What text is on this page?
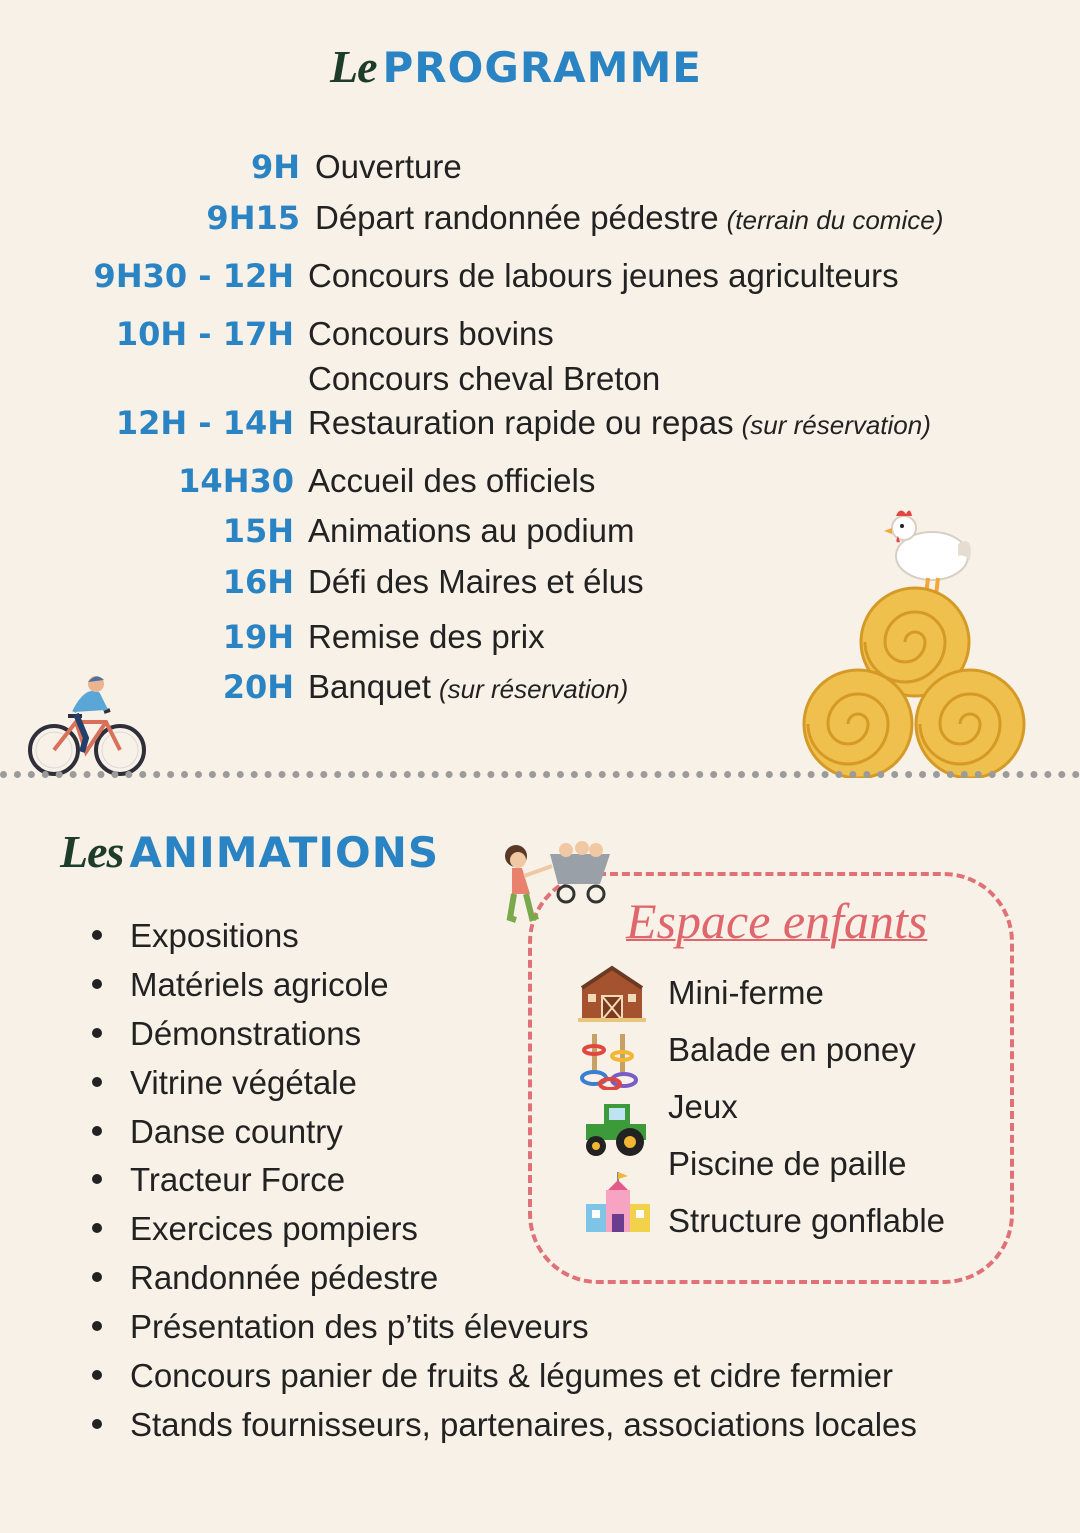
Le PROGRAMME
9H Ouverture
9H15 Départ randonnée pédestre (terrain du comice)
9H30 - 12H Concours de labours jeunes agriculteurs
10H - 17H Concours bovins
Concours cheval Breton
12H - 14H Restauration rapide ou repas (sur réservation)
14H30 Accueil des officiels
15H Animations au podium
16H Défi des Maires et élus
19H Remise des prix
20H Banquet (sur réservation)
Les ANIMATIONS
Expositions
Matériels agricole
Démonstrations
Vitrine végétale
Danse country
Tracteur Force
Exercices pompiers
Randonnée pédestre
Présentation des p’tits éleveurs
Concours panier de fruits & légumes et cidre fermier
Stands fournisseurs, partenaires, associations locales
Espace enfants
Mini-ferme
Balade en poney
Jeux
Piscine de paille
Structure gonflable
